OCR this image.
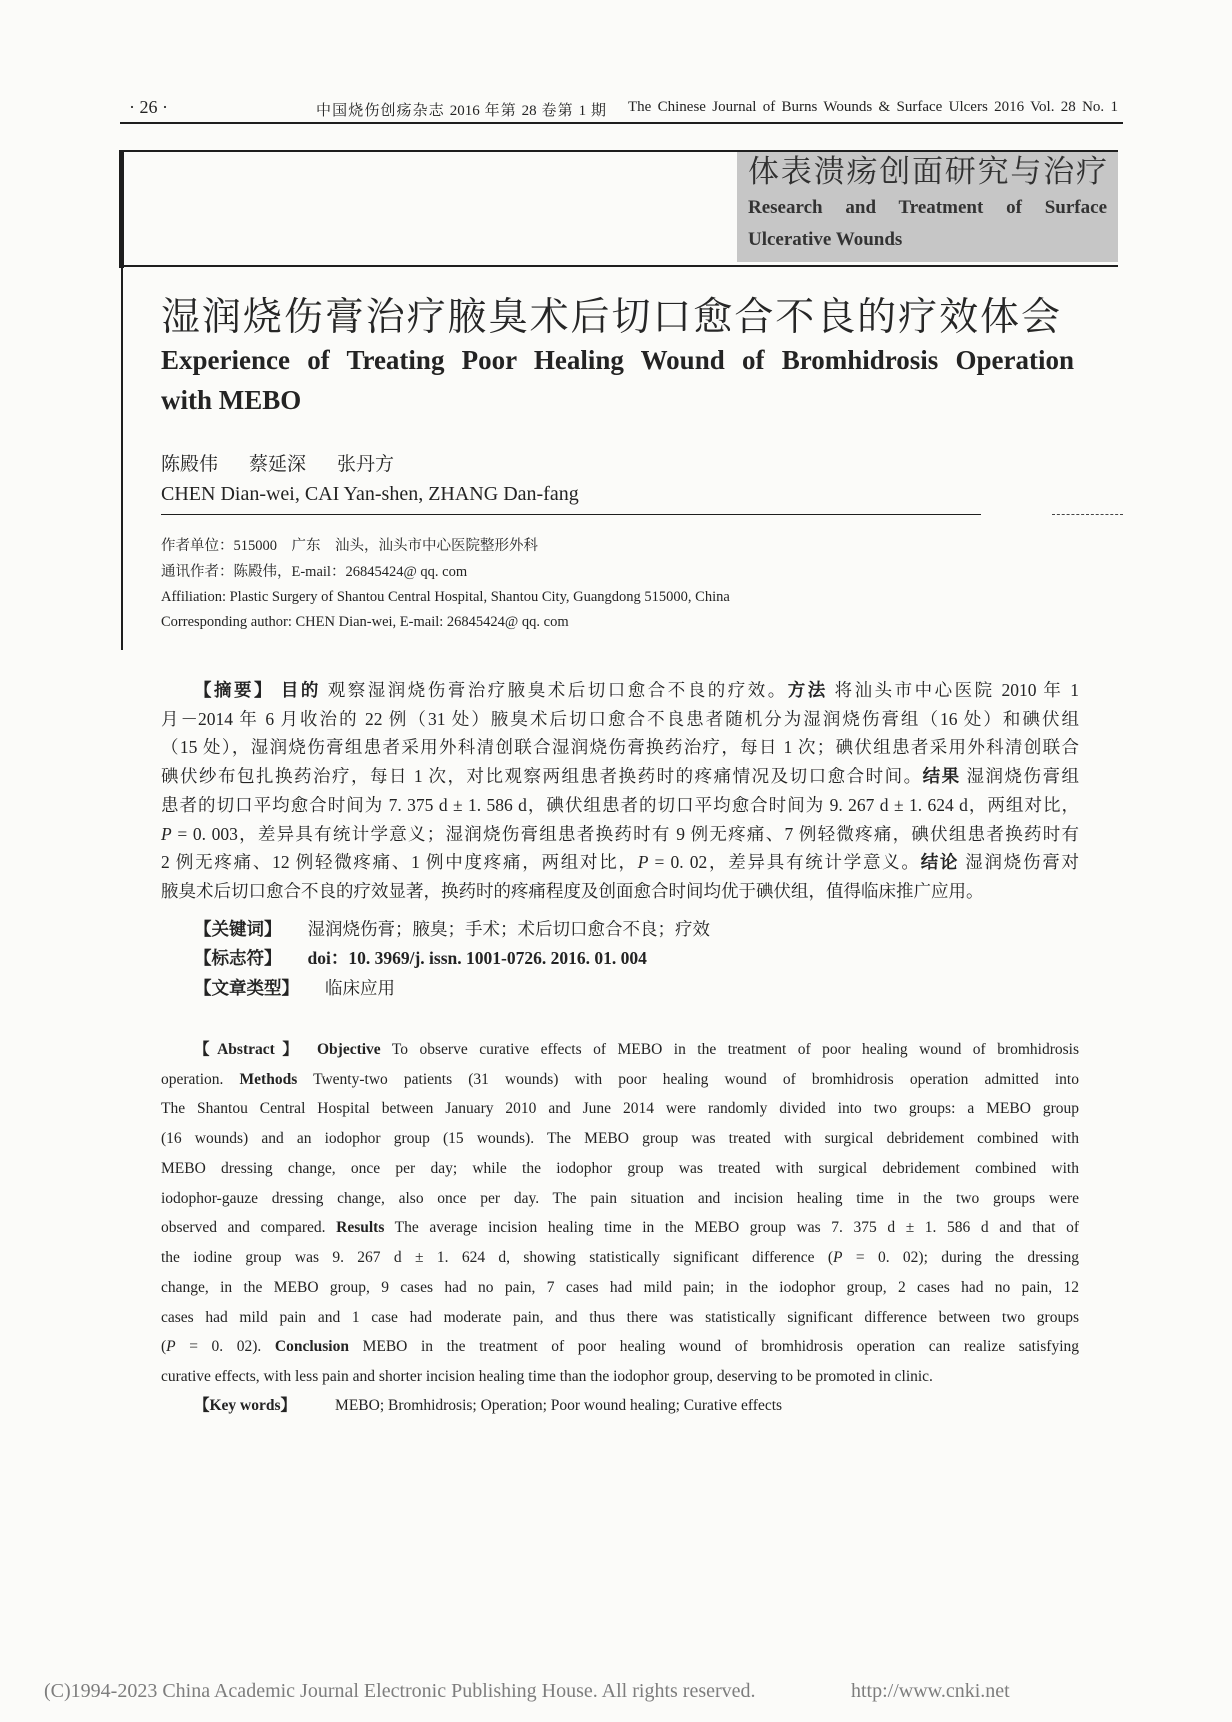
· 26 ·	中国烧伤创疡杂志 2016 年第 28 卷第 1 期 The Chinese Journal of Burns Wounds & Surface Ulcers 2016 Vol. 28 No. 1
体表溃疡创面研究与治疗
Research and Treatment of Surface
Ulcerative Wounds
湿润烧伤膏治疗腋臭术后切口愈合不良的疗效体会
Experience of Treating Poor Healing Wound of Bromhidrosis Operation
with MEBO
陈殿伟 蔡延深 张丹方
CHEN Dian-wei, CAI Yan-shen, ZHANG Dan-fang
作者单位：515000　广东　汕头，汕头市中心医院整形外科
通讯作者：陈殿伟，E-mail：26845424@ qq. com
Affiliation: Plastic Surgery of Shantou Central Hospital, Shantou City, Guangdong 515000, China
Corresponding author: CHEN Dian-wei, E-mail: 26845424@ qq. com
【摘要】 目的 观察湿润烧伤膏治疗腋臭术后切口愈合不良的疗效。方法 将汕头市中心医院 2010 年 1
月－2014 年 6 月收治的 22 例（31 处）腋臭术后切口愈合不良患者随机分为湿润烧伤膏组（16 处）和碘伏组
（15 处），湿润烧伤膏组患者采用外科清创联合湿润烧伤膏换药治疗，每日 1 次；碘伏组患者采用外科清创联合
碘伏纱布包扎换药治疗，每日 1 次，对比观察两组患者换药时的疼痛情况及切口愈合时间。结果 湿润烧伤膏组
患者的切口平均愈合时间为 7. 375 d ± 1. 586 d，碘伏组患者的切口平均愈合时间为 9. 267 d ± 1. 624 d，两组对比，
P = 0. 003，差异具有统计学意义；湿润烧伤膏组患者换药时有 9 例无疼痛、7 例轻微疼痛，碘伏组患者换药时有
2 例无疼痛、12 例轻微疼痛、1 例中度疼痛，两组对比，P = 0. 02，差异具有统计学意义。结论 湿润烧伤膏对
腋臭术后切口愈合不良的疗效显著，换药时的疼痛程度及创面愈合时间均优于碘伏组，值得临床推广应用。
【关键词】 湿润烧伤膏；腋臭；手术；术后切口愈合不良；疗效
【标志符】 doi：10. 3969/j. issn. 1001-0726. 2016. 01. 004
【文章类型】 临床应用
【Abstract】 Objective To observe curative effects of MEBO in the treatment of poor healing wound of bromhidrosis
operation. Methods Twenty-two patients (31 wounds) with poor healing wound of bromhidrosis operation admitted into
The Shantou Central Hospital between January 2010 and June 2014 were randomly divided into two groups: a MEBO group
(16 wounds) and an iodophor group (15 wounds). The MEBO group was treated with surgical debridement combined with
MEBO dressing change, once per day; while the iodophor group was treated with surgical debridement combined with
iodophor-gauze dressing change, also once per day. The pain situation and incision healing time in the two groups were
observed and compared. Results The average incision healing time in the MEBO group was 7. 375 d ± 1. 586 d and that of
the iodine group was 9. 267 d ± 1. 624 d, showing statistically significant difference (P = 0. 02); during the dressing
change, in the MEBO group, 9 cases had no pain, 7 cases had mild pain; in the iodophor group, 2 cases had no pain, 12
cases had mild pain and 1 case had moderate pain, and thus there was statistically significant difference between two groups
(P = 0. 02). Conclusion MEBO in the treatment of poor healing wound of bromhidrosis operation can realize satisfying
curative effects, with less pain and shorter incision healing time than the iodophor group, deserving to be promoted in clinic.
【Key words】	MEBO; Bromhidrosis; Operation; Poor wound healing; Curative effects
(C)1994-2023 China Academic Journal Electronic Publishing House. All rights reserved.	http://www.cnki.net
